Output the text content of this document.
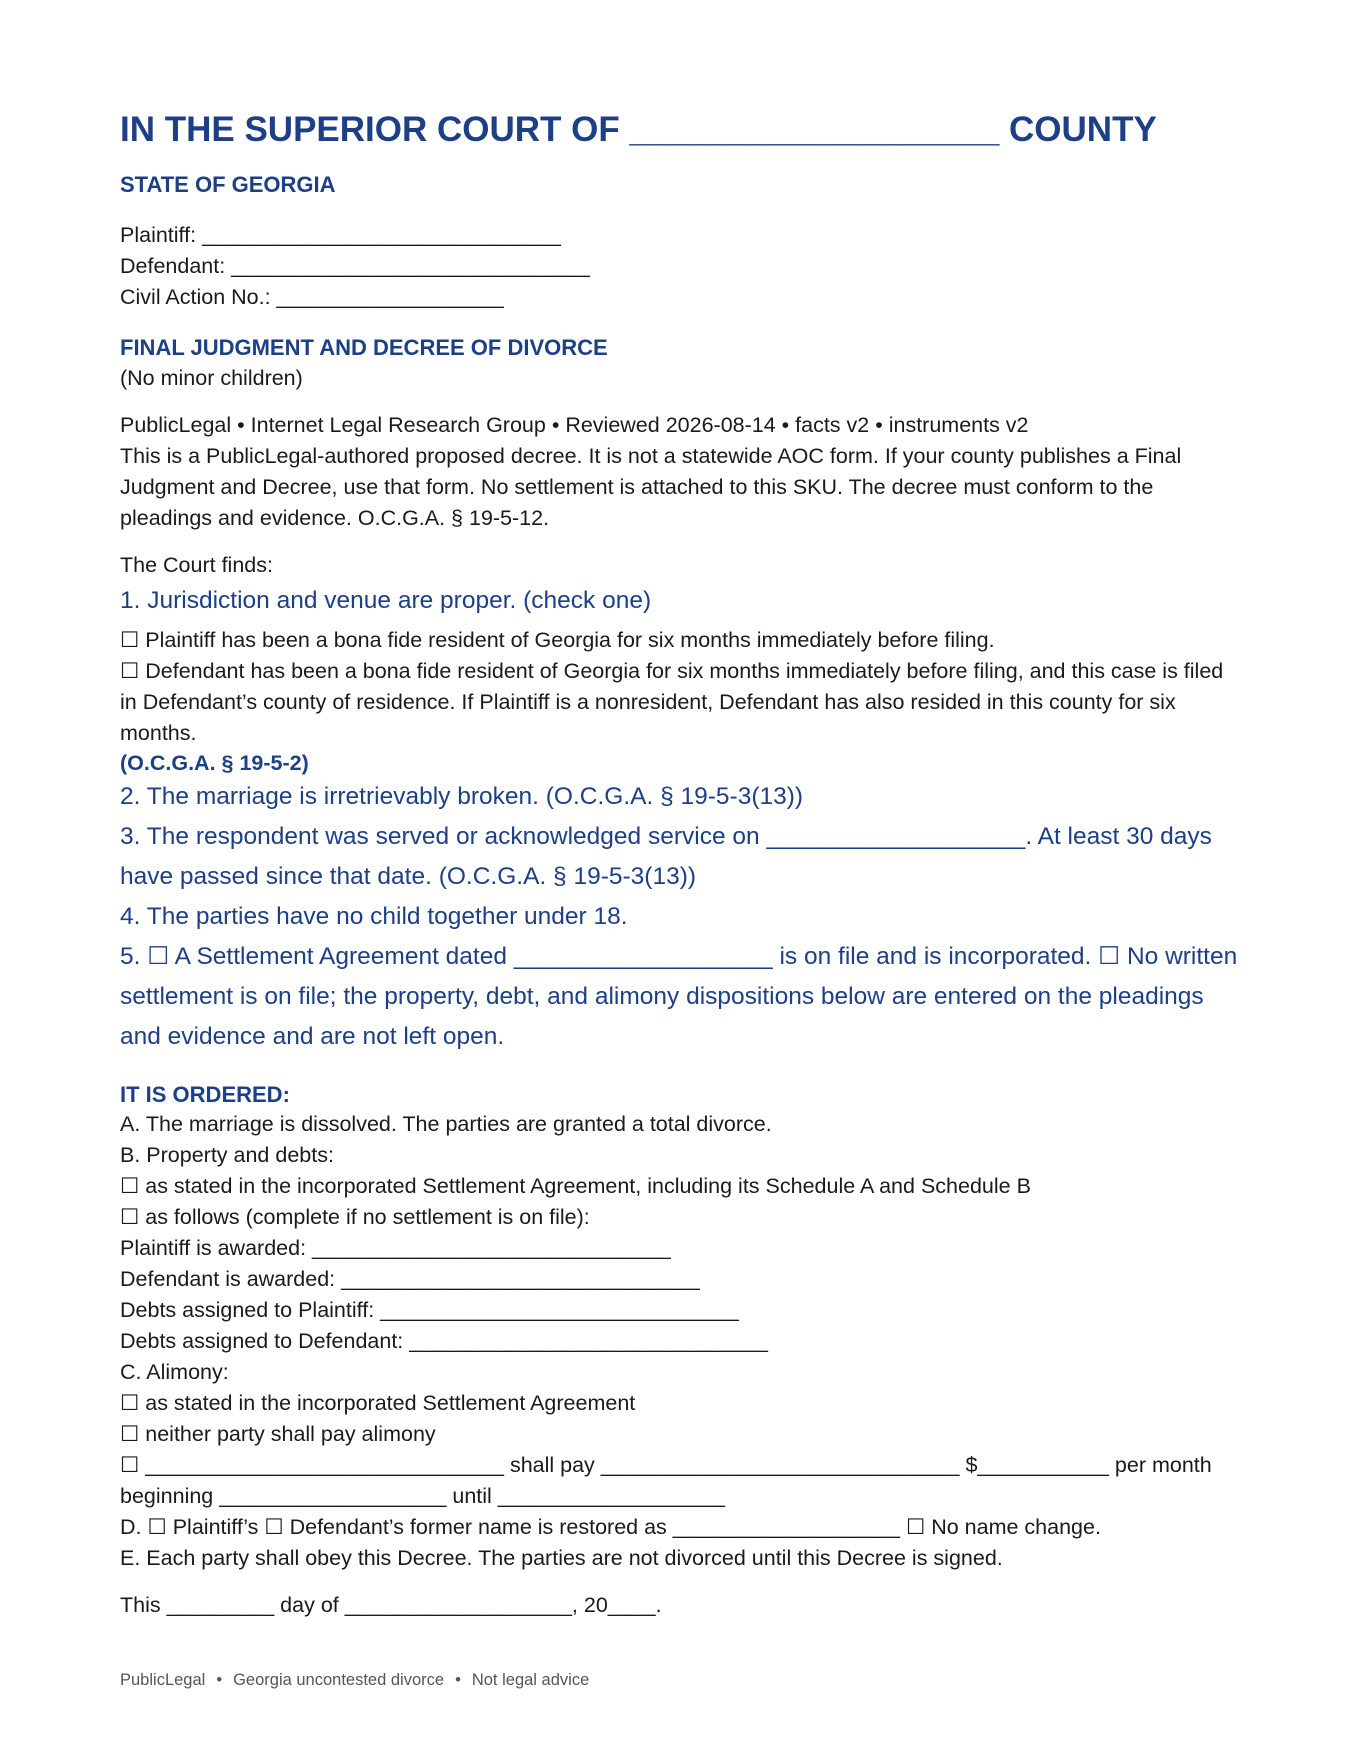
IN THE SUPERIOR COURT OF ___________________ COUNTY

STATE OF GEORGIA

Plaintiff: ______________________________

Defendant: ______________________________

Civil Action No.: ___________________

FINAL JUDGMENT AND DECREE OF DIVORCE

(No minor children)

PublicLegal • Internet Legal Research Group • Reviewed 2026-08-14 • facts v2 • instruments v2

This is a PublicLegal-authored proposed decree. It is not a statewide AOC form. If your county publishes a Final Judgment and Decree, use that form. No settlement is attached to this SKU. The decree must conform to the pleadings and evidence. O.C.G.A. § 19-5-12.

The Court finds:

1. Jurisdiction and venue are proper. (check one)

☐ Plaintiff has been a bona fide resident of Georgia for six months immediately before filing.

☐ Defendant has been a bona fide resident of Georgia for six months immediately before filing, and this case is filed in Defendant’s county of residence. If Plaintiff is a nonresident, Defendant has also resided in this county for six months.

(O.C.G.A. § 19-5-2)

2. The marriage is irretrievably broken. (O.C.G.A. § 19-5-3(13))

3. The respondent was served or acknowledged service on ___________________. At least 30 days have passed since that date. (O.C.G.A. § 19-5-3(13))

4. The parties have no child together under 18.

5. ☐ A Settlement Agreement dated ___________________ is on file and is incorporated. ☐ No written settlement is on file; the property, debt, and alimony dispositions below are entered on the pleadings and evidence and are not left open.

IT IS ORDERED:

A. The marriage is dissolved. The parties are granted a total divorce.

B. Property and debts:

☐ as stated in the incorporated Settlement Agreement, including its Schedule A and Schedule B

☐ as follows (complete if no settlement is on file):

Plaintiff is awarded: ______________________________

Defendant is awarded: ______________________________

Debts assigned to Plaintiff: ______________________________

Debts assigned to Defendant: ______________________________

C. Alimony:

☐ as stated in the incorporated Settlement Agreement

☐ neither party shall pay alimony

☐ ______________________________ shall pay ______________________________ $___________ per month beginning ___________________ until ___________________

D. ☐ Plaintiff’s ☐ Defendant’s former name is restored as ___________________ ☐ No name change.

E. Each party shall obey this Decree. The parties are not divorced until this Decree is signed.

This _________ day of ___________________, 20____.

PublicLegal • Georgia uncontested divorce • Not legal advice
